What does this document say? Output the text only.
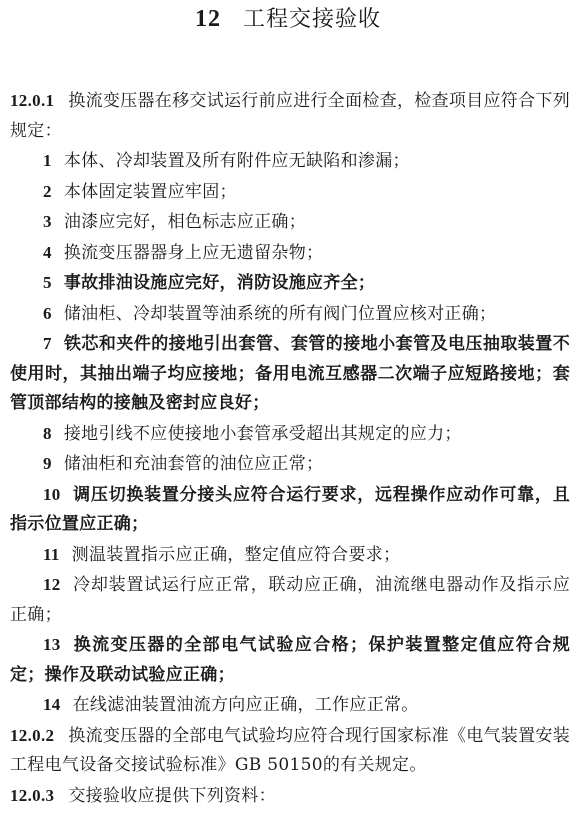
12 工程交接验收

12.0.1 换流变压器在移交试运行前应进行全面检查，检查项目应符合下列规定：

1 本体、冷却装置及所有附件应无缺陷和渗漏；

2 本体固定装置应牢固；

3 油漆应完好，相色标志应正确；

4 换流变压器器身上应无遗留杂物；

5 事故排油设施应完好，消防设施应齐全；

6 储油柜、冷却装置等油系统的所有阀门位置应核对正确；

7 铁芯和夹件的接地引出套管、套管的接地小套管及电压抽取装置不使用时，其抽出端子均应接地；备用电流互感器二次端子应短路接地；套管顶部结构的接触及密封应良好；

8 接地引线不应使接地小套管承受超出其规定的应力；

9 储油柜和充油套管的油位应正常；

10 调压切换装置分接头应符合运行要求，远程操作应动作可靠，且指示位置应正确；

11 测温装置指示应正确，整定值应符合要求；

12 冷却装置试运行应正常，联动应正确，油流继电器动作及指示应正确；

13 换流变压器的全部电气试验应合格；保护装置整定值应符合规定；操作及联动试验应正确；

14 在线滤油装置油流方向应正确，工作应正常。

12.0.2 换流变压器的全部电气试验均应符合现行国家标准《电气装置安装工程电气设备交接试验标准》GB 50150的有关规定。

12.0.3 交接验收应提供下列资料：
